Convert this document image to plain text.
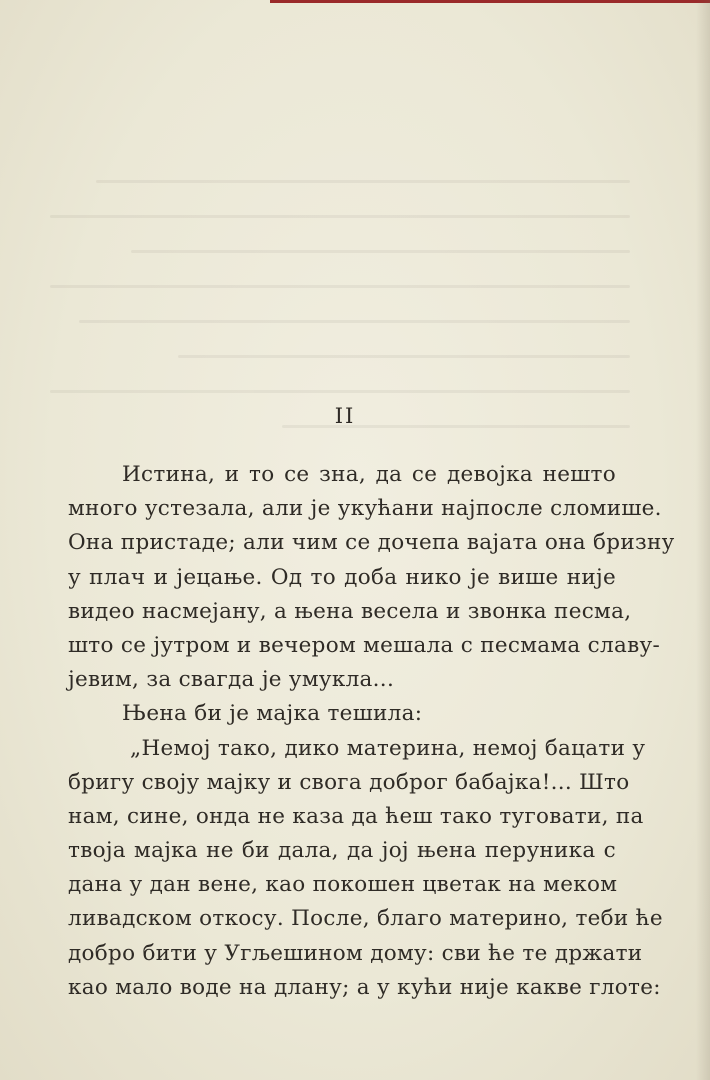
II
Истина, и то се зна, да се девојка нешто
много устезала, али је укућани најпосле сломише.
Она пристаде; али чим се дочепа вајата она бризну
у плач и јецање. Од то доба нико је више није
видео насмејану, а њена весела и звонка песма,
што се јутром и вечером мешала с песмама славу-
јевим, за свагда је умукла...
Њена би је мајка тешила:
„Немој тако, дико материна, немој бацати у
бригу своју мајку и свога доброг бабајка!... Што
нам, сине, онда не каза да ћеш тако туговати, па
твоја мајка не би дала, да јој њена перуника с
дана у дан вене, као покошен цветак на меком
ливадском откосу. После, благо материно, теби ће
добро бити у Угљешином дому: сви ће те држати
као мало воде на длану; а у кући није какве глоте:
